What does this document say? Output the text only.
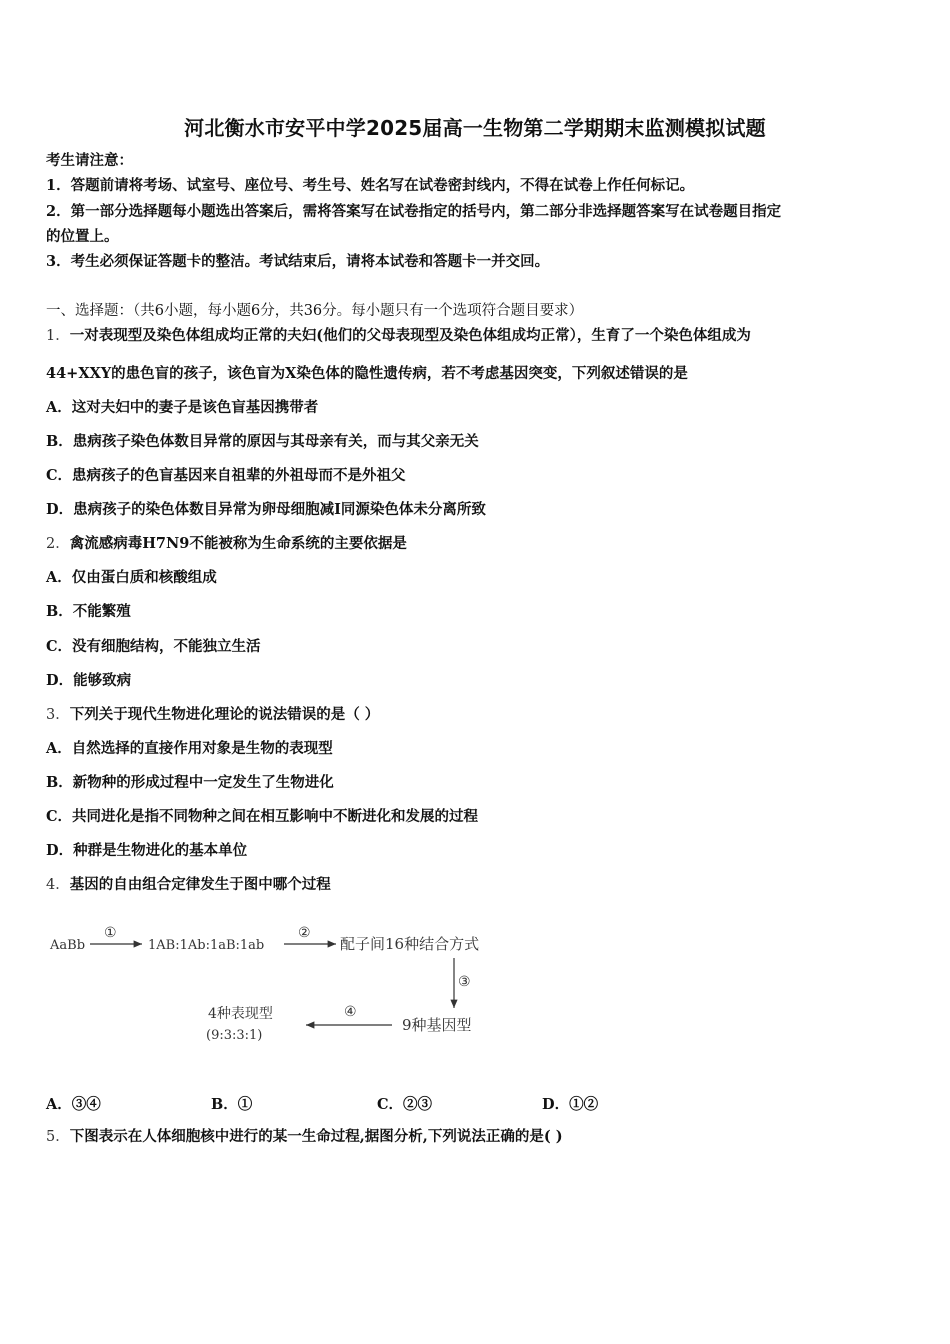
河北衡水市安平中学2025届高一生物第二学期期末监测模拟试题
考生请注意：
1．答题前请将考场、试室号、座位号、考生号、姓名写在试卷密封线内，不得在试卷上作任何标记。
2．第一部分选择题每小题选出答案后，需将答案写在试卷指定的括号内，第二部分非选择题答案写在试卷题目指定
的位置上。
3．考生必须保证答题卡的整洁。考试结束后，请将本试卷和答题卡一并交回。
一、选择题：（共6小题，每小题6分，共36分。每小题只有一个选项符合题目要求）
1．一对表现型及染色体组成均正常的夫妇(他们的父母表现型及染色体组成均正常），生育了一个染色体组成为
44+XXY的患色盲的孩子，该色盲为X染色体的隐性遗传病，若不考虑基因突变，下列叙述错误的是
A．这对夫妇中的妻子是该色盲基因携带者
B．患病孩子染色体数目异常的原因与其母亲有关，而与其父亲无关
C．患病孩子的色盲基因来自祖辈的外祖母而不是外祖父
D．患病孩子的染色体数目异常为卵母细胞减Ⅰ同源染色体未分离所致
2．禽流感病毒H7N9不能被称为生命系统的主要依据是
A．仅由蛋白质和核酸组成
B．不能繁殖
C．没有细胞结构，不能独立生活
D．能够致病
3．下列关于现代生物进化理论的说法错误的是（ ）
A．自然选择的直接作用对象是生物的表现型
B．新物种的形成过程中一定发生了生物进化
C．共同进化是指不同物种之间在相互影响中不断进化和发展的过程
D．种群是生物进化的基本单位
4．基因的自由组合定律发生于图中哪个过程
AaBb
①
1AB:1Ab:1aB:1ab
②
配子间16种结合方式
③
9种基因型
④
4种表现型
(9:3:3:1)
A．③④	B．①	C．②③	D．①②
5．下图表示在人体细胞核中进行的某一生命过程,据图分析,下列说法正确的是( )
